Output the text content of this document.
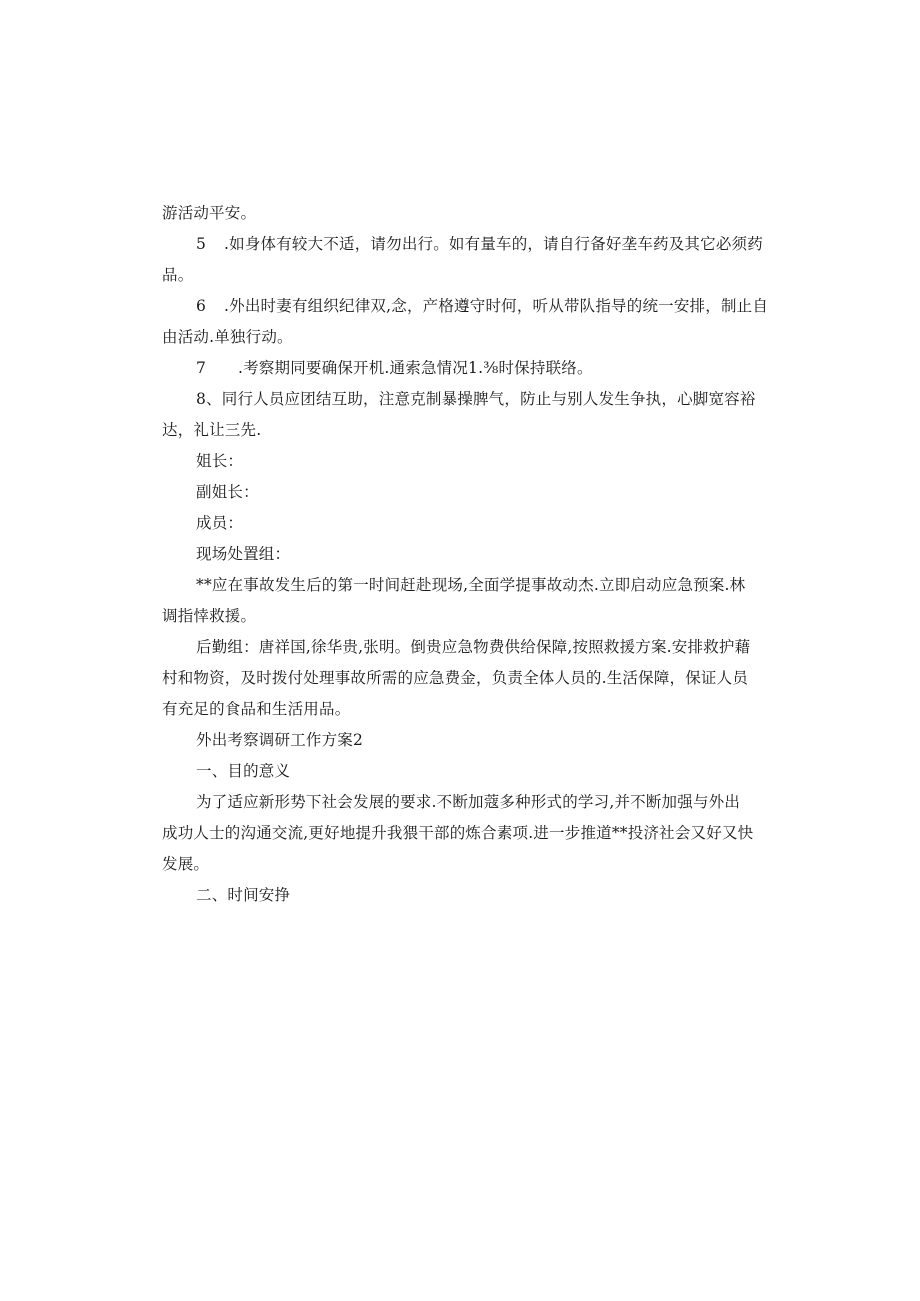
游活动平安。
5 .如身体有较大不适，请勿出行。如有量车的，请自行备好垄车药及其它必须药
品。
6 .外出时妻有组织纪律双,念，产格遵守时何，听从带队指导的统一安排，制止自
由活动.单独行动。
7 .考察期同要确保开机.通索急情况1.⅜时保持联络。
8、同行人员应团结互助，注意克制暴操脾气，防止与别人发生争执，心脚宽容裕
达，礼让三先.
姐长：
副姐长：
成员：
现场处置组：
**应在事故发生后的第一时间赶赴现场,全面学提事故动杰.立即启动应急预案.林
调指悻救援。
后勤组：唐祥国,徐华贵,张明。倒贵应急物费供给保障,按照救援方案.安排救护藉
村和物资，及时拨付处理事故所需的应急费金，负责全体人员的.生活保障，保证人员
有充足的食品和生活用品。
外出考察调研工作方案2
一、目的意义
为了适应新形势下社会发展的要求.不断加蔻多种形式的学习,并不断加强与外出
成功人士的沟通交流,更好地提升我猥干部的炼合素项.进一步推道**投济社会又好又快
发展。
二、时间安挣
